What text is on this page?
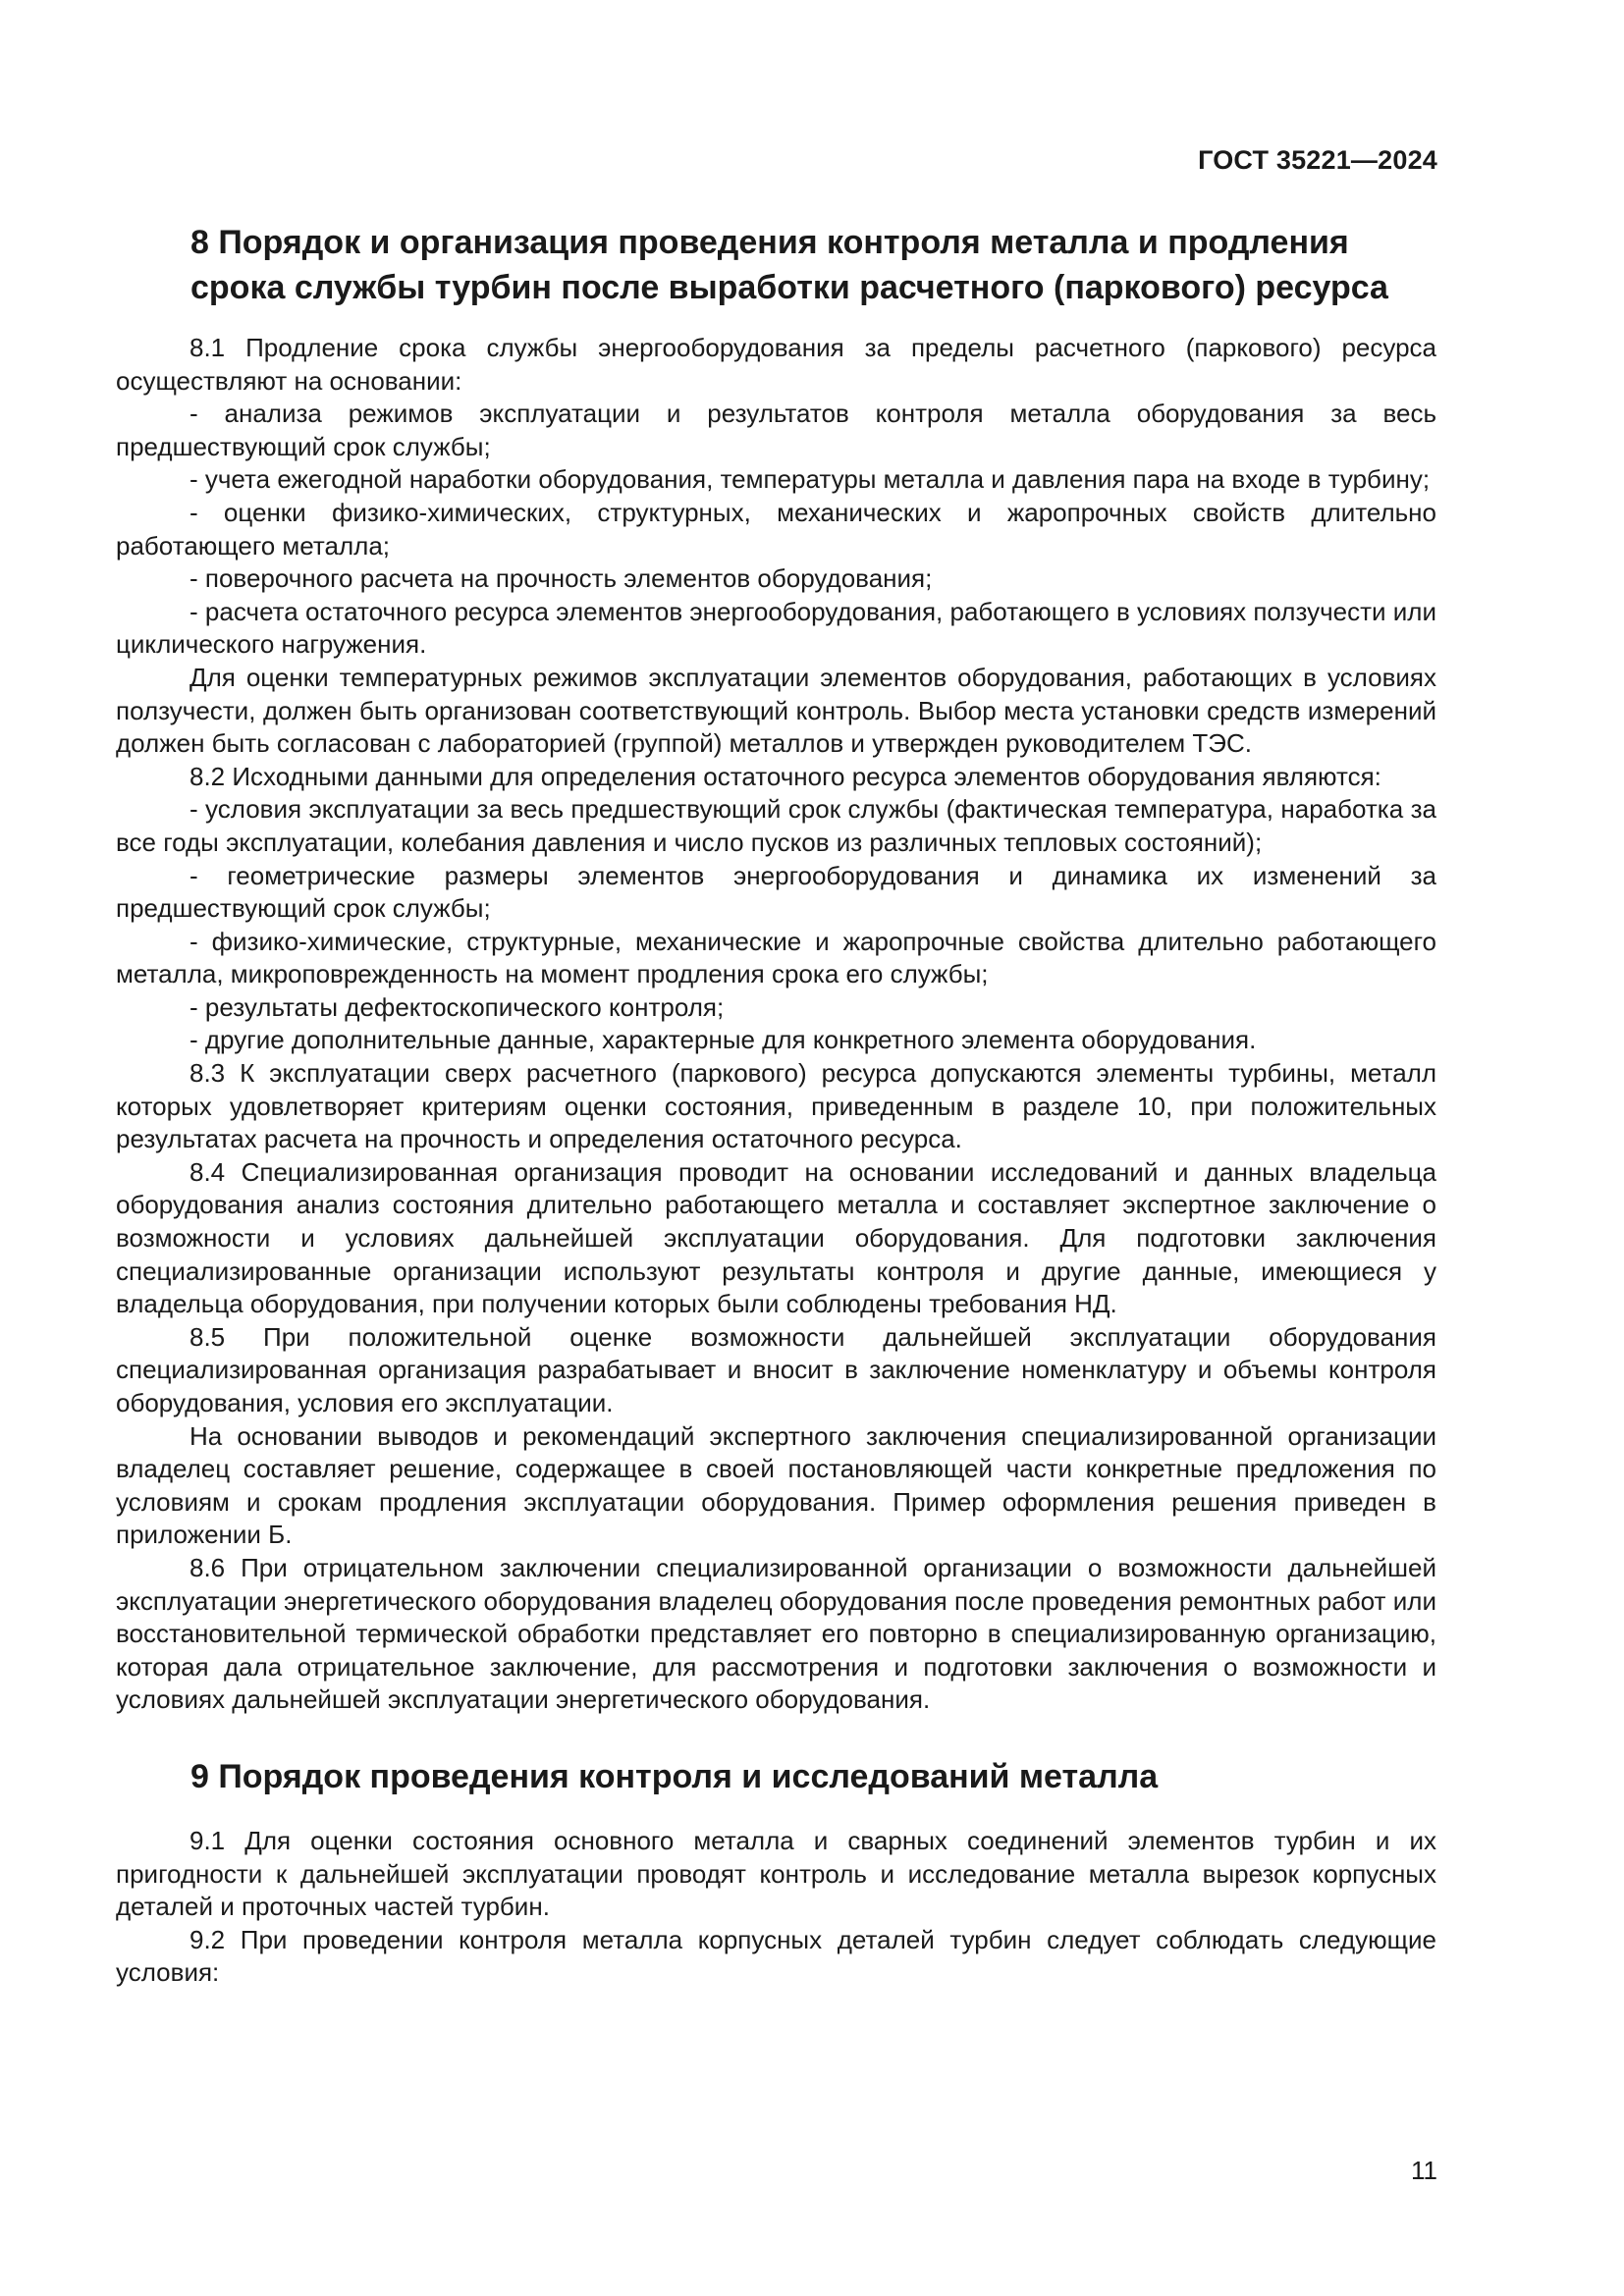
ГОСТ 35221—2024
8 Порядок и организация проведения контроля металла и продления срока службы турбин после выработки расчетного (паркового) ресурса

8.1 Продление срока службы энергооборудования за пределы расчетного (паркового) ресурса осуществляют на основании:

- анализа режимов эксплуатации и результатов контроля металла оборудования за весь предшествующий срок службы;

- учета ежегодной наработки оборудования, температуры металла и давления пара на входе в турбину;

- оценки физико-химических, структурных, механических и жаропрочных свойств длительно работающего металла;

- поверочного расчета на прочность элементов оборудования;

- расчета остаточного ресурса элементов энергооборудования, работающего в условиях ползучести или циклического нагружения.

Для оценки температурных режимов эксплуатации элементов оборудования, работающих в условиях ползучести, должен быть организован соответствующий контроль. Выбор места установки средств измерений должен быть согласован с лабораторией (группой) металлов и утвержден руководителем ТЭС.

8.2 Исходными данными для определения остаточного ресурса элементов оборудования являются:

- условия эксплуатации за весь предшествующий срок службы (фактическая температура, наработка за все годы эксплуатации, колебания давления и число пусков из различных тепловых состояний);

- геометрические размеры элементов энергооборудования и динамика их изменений за предшествующий срок службы;

- физико-химические, структурные, механические и жаропрочные свойства длительно работающего металла, микроповрежденность на момент продления срока его службы;

- результаты дефектоскопического контроля;

- другие дополнительные данные, характерные для конкретного элемента оборудования.

8.3 К эксплуатации сверх расчетного (паркового) ресурса допускаются элементы турбины, металл которых удовлетворяет критериям оценки состояния, приведенным в разделе 10, при положительных результатах расчета на прочность и определения остаточного ресурса.

8.4 Специализированная организация проводит на основании исследований и данных владельца оборудования анализ состояния длительно работающего металла и составляет экспертное заключение о возможности и условиях дальнейшей эксплуатации оборудования. Для подготовки заключения специализированные организации используют результаты контроля и другие данные, имеющиеся у владельца оборудования, при получении которых были соблюдены требования НД.

8.5 При положительной оценке возможности дальнейшей эксплуатации оборудования специализированная организация разрабатывает и вносит в заключение номенклатуру и объемы контроля оборудования, условия его эксплуатации.

На основании выводов и рекомендаций экспертного заключения специализированной организации владелец составляет решение, содержащее в своей постановляющей части конкретные предложения по условиям и срокам продления эксплуатации оборудования. Пример оформления решения приведен в приложении Б.

8.6 При отрицательном заключении специализированной организации о возможности дальнейшей эксплуатации энергетического оборудования владелец оборудования после проведения ремонтных работ или восстановительной термической обработки представляет его повторно в специализированную организацию, которая дала отрицательное заключение, для рассмотрения и подготовки заключения о возможности и условиях дальнейшей эксплуатации энергетического оборудования.

9 Порядок проведения контроля и исследований металла

9.1 Для оценки состояния основного металла и сварных соединений элементов турбин и их пригодности к дальнейшей эксплуатации проводят контроль и исследование металла вырезок корпусных деталей и проточных частей турбин.

9.2 При проведении контроля металла корпусных деталей турбин следует соблюдать следующие условия:

11
